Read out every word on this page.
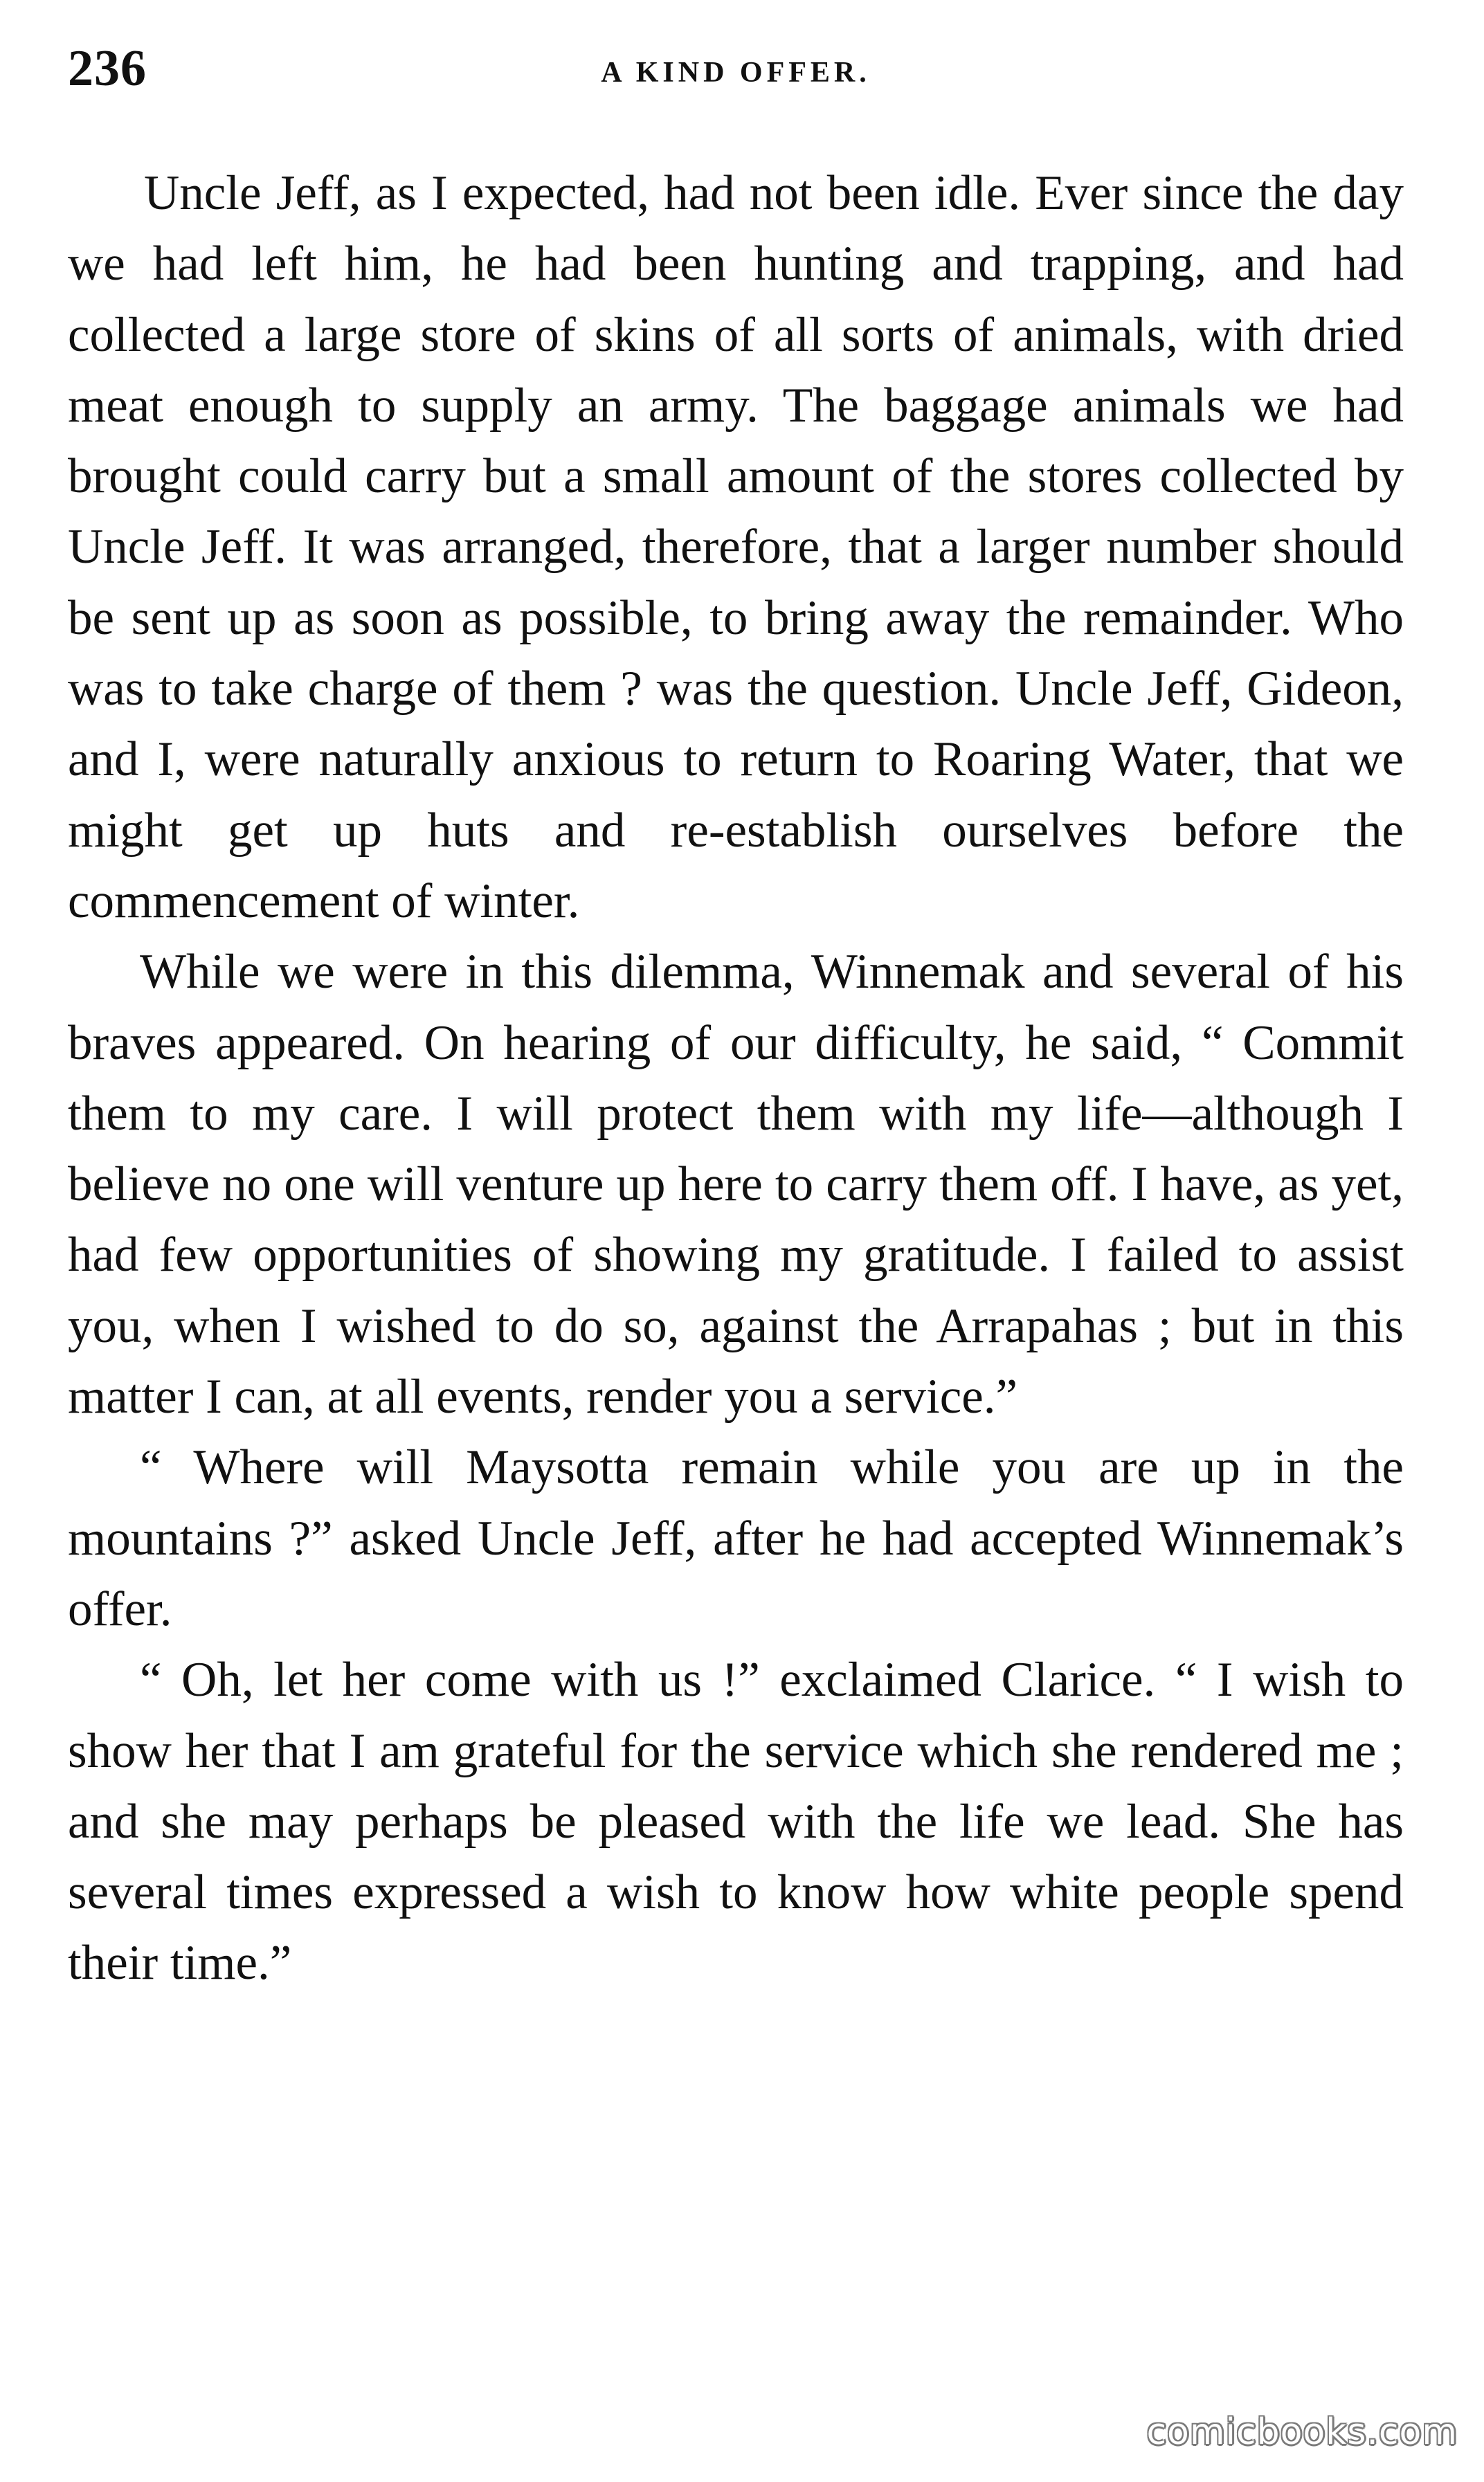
236	A KIND OFFER.

Uncle Jeff, as I expected, had not been idle. Ever since the day we had left him, he had been hunting and trapping, and had collected a large store of skins of all sorts of animals, with dried meat enough to supply an army. The baggage animals we had brought could carry but a small amount of the stores collected by Uncle Jeff. It was arranged, therefore, that a larger number should be sent up as soon as possible, to bring away the remainder. Who was to take charge of them ? was the question. Uncle Jeff, Gideon, and I, were naturally anxious to return to Roaring Water, that we might get up huts and re-establish ourselves before the commencement of winter.

While we were in this dilemma, Winnemak and several of his braves appeared. On hearing of our difficulty, he said, “ Commit them to my care. I will protect them with my life—although I believe no one will venture up here to carry them off. I have, as yet, had few opportunities of showing my gratitude. I failed to assist you, when I wished to do so, against the Arrapahas ; but in this matter I can, at all events, render you a service.”

“ Where will Maysotta remain while you are up in the mountains ?” asked Uncle Jeff, after he had accepted Winnemak’s offer.

“ Oh, let her come with us !” exclaimed Clarice. “ I wish to show her that I am grateful for the service which she rendered me ; and she may perhaps be pleased with the life we lead. She has several times expressed a wish to know how white people spend their time.”

comicbooks.com
